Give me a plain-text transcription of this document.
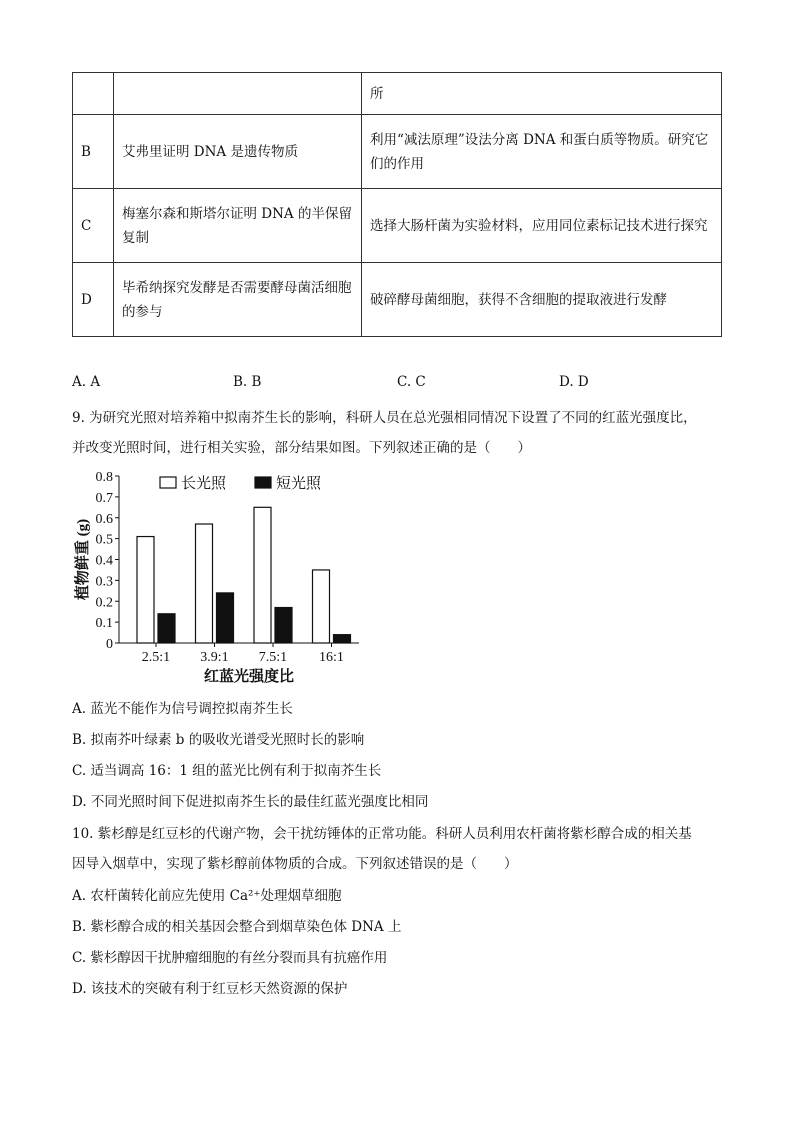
		所
B	艾弗里证明 DNA 是遗传物质	利用“减法原理”设法分离 DNA 和蛋白质等物质。研究它们的作用
C	梅塞尔森和斯塔尔证明 DNA 的半保留复制	选择大肠杆菌为实验材料，应用同位素标记技术进行探究
D	毕希纳探究发酵是否需要酵母菌活细胞的参与	破碎酵母菌细胞，获得不含细胞的提取液进行发酵
A. A	B. B	C. C	D. D
9. 为研究光照对培养箱中拟南芥生长的影响，科研人员在总光强相同情况下设置了不同的红蓝光强度比，
并改变光照时间，进行相关实验，部分结果如图。下列叙述正确的是（　　）
0
0.1
0.2
0.3
0.4
0.5
0.6
0.7
0.8
植物鲜重 (g)
2.5:1 3.9:1 7.5:1 16:1
红蓝光强度比
长光照	短光照
A. 蓝光不能作为信号调控拟南芥生长
B. 拟南芥叶绿素 b 的吸收光谱受光照时长的影响
C. 适当调高 16：1 组的蓝光比例有利于拟南芥生长
D. 不同光照时间下促进拟南芥生长的最佳红蓝光强度比相同
10. 紫杉醇是红豆杉的代谢产物，会干扰纺锤体的正常功能。科研人员利用农杆菌将紫杉醇合成的相关基
因导入烟草中，实现了紫杉醇前体物质的合成。下列叙述错误的是（　　）
A. 农杆菌转化前应先使用 Ca²⁺处理烟草细胞
B. 紫杉醇合成的相关基因会整合到烟草染色体 DNA 上
C. 紫杉醇因干扰肿瘤细胞的有丝分裂而具有抗癌作用
D. 该技术的突破有利于红豆杉天然资源的保护
